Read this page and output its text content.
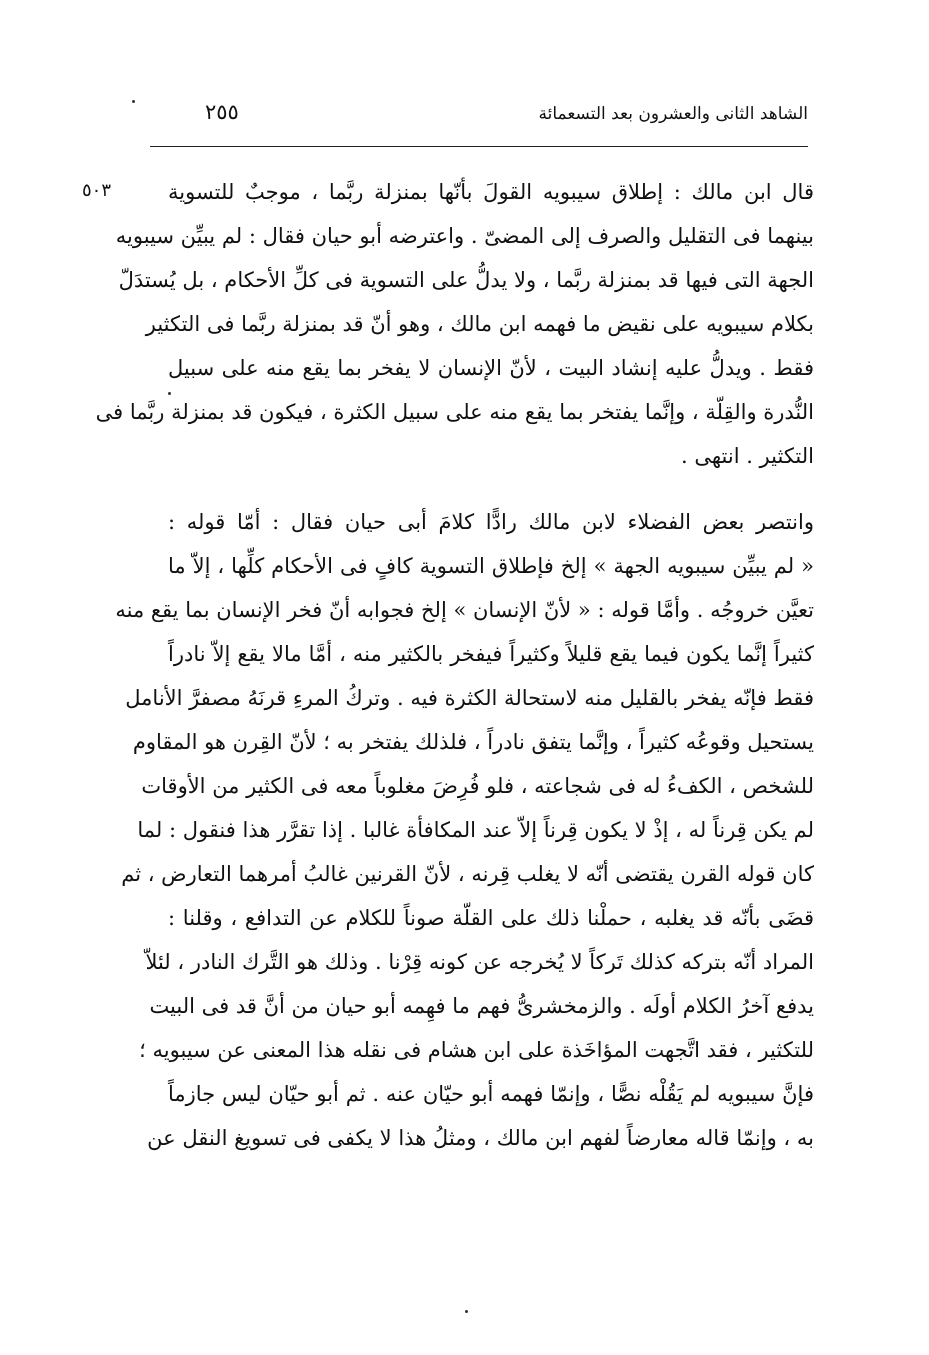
الشاهد الثانى والعشرون بعد التسعمائة
٢٥٥
٥٠٣	قال ابن مالك : إطلاق سيبويه القولَ بأنّها بمنزلة ربَّما ، موجبٌ للتسوية
بينهما فى التقليل والصرف إلى المضىّ . واعترضه أبو حيان فقال : لم يبيِّن سيبويه
الجهة التى فيها قد بمنزلة ربَّما ، ولا يدلُّ على التسوية فى كلِّ الأحكام ، بل يُستدَلّ
بكلام سيبويه على نقيض ما فهمه ابن مالك ، وهو أنّ قد بمنزلة ربَّما فى التكثير
فقط . ويدلُّ عليه إنشاد البيت ، لأنّ الإنسان لا يفخر بما يقع منه على سبيل
النُّدرة والقِلّة ، وإنَّما يفتخر بما يقع منه على سبيل الكثرة ، فيكون قد بمنزلة ربَّما فى
التكثير . انتهى .
وانتصر بعض الفضلاء لابن مالك رادًّا كلامَ أبى حيان فقال : أمّا قوله :
« لم يبيِّن سيبويه الجهة » إلخ فإطلاق التسوية كافٍ فى الأحكام كلِّها ، إلاّ ما
تعيَّن خروجُه . وأمَّا قوله : « لأنّ الإنسان » إلخ فجوابه أنّ فخر الإنسان بما يقع منه
كثيراً إنَّما يكون فيما يقع قليلاً وكثيراً فيفخر بالكثير منه ، أمَّا مالا يقع إلاّ نادراً
فقط فإنّه يفخر بالقليل منه لاستحالة الكثرة فيه . وتركُ المرءِ قرنَهُ مصفرَّ الأنامل
يستحيل وقوعُه كثيراً ، وإنَّما يتفق نادراً ، فلذلك يفتخر به ؛ لأنّ القِرن هو المقاوم
للشخص ، الكفءُ له فى شجاعته ، فلو فُرِضَ مغلوباً معه فى الكثير من الأوقات
لم يكن قِرناً له ، إذْ لا يكون قِرناً إلاّ عند المكافأة غالبا . إذا تقرَّر هذا فنقول : لما
كان قوله القرن يقتضى أنّه لا يغلب قِرنه ، لأنّ القرنين غالبُ أمرهما التعارض ، ثم
قضَى بأنّه قد يغلبه ، حملْنا ذلك على القلّة صوناً للكلام عن التدافع ، وقلنا :
المراد أنّه بتركه كذلك تَركاً لا يُخرجه عن كونه قِرْنا . وذلك هو التَّرك النادر ، لئلاّ
يدفع آخرُ الكلام أولَه . والزمخشرىُّ فهم ما فهِمه أبو حيان من أنَّ قد فى البيت
للتكثير ، فقد اتَّجهت المؤاخَذة على ابن هشام فى نقله هذا المعنى عن سيبويه ؛
فإنَّ سيبويه لم يَقُلْه نصًّا ، وإنمّا فهمه أبو حيّان عنه . ثم أبو حيّان ليس جازماً
به ، وإنمّا قاله معارضاً لفهم ابن مالك ، ومثلُ هذا لا يكفى فى تسويغ النقل عن
